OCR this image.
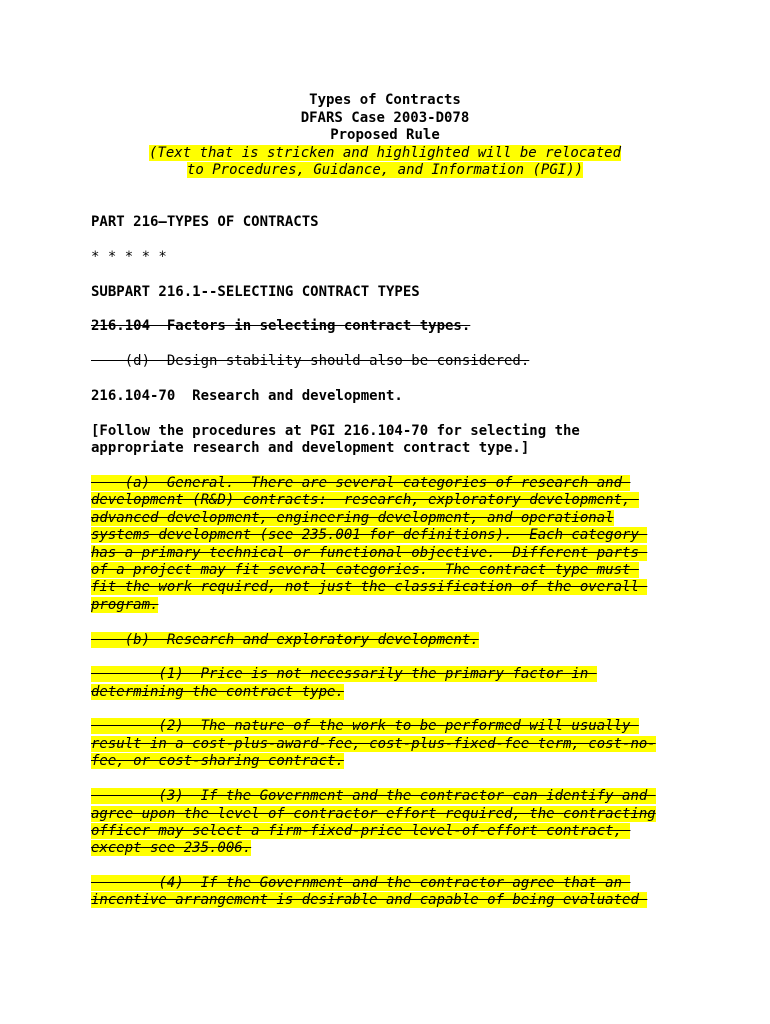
Types of Contracts
DFARS Case 2003-D078
Proposed Rule
(Text that is stricken and highlighted will be relocated
to Procedures, Guidance, and Information (PGI))
PART 216—TYPES OF CONTRACTS
* * * * *
SUBPART 216.1--SELECTING CONTRACT TYPES
216.104  Factors in selecting contract types.
(d)  Design stability should also be considered.
216.104-70  Research and development.
[Follow the procedures at PGI 216.104-70 for selecting the
appropriate research and development contract type.]
(a)  General.  There are several categories of research and
development (R&D) contracts:  research, exploratory development,
advanced development, engineering development, and operational
systems development (see 235.001 for definitions).  Each category
has a primary technical or functional objective.  Different parts
of a project may fit several categories.  The contract type must
fit the work required, not just the classification of the overall
program.
(b)  Research and exploratory development.
(1)  Price is not necessarily the primary factor in
determining the contract type.
(2)  The nature of the work to be performed will usually
result in a cost-plus-award-fee, cost-plus-fixed-fee term, cost-no-
fee, or cost-sharing contract.
(3)  If the Government and the contractor can identify and
agree upon the level of contractor effort required, the contracting
officer may select a firm-fixed-price level-of-effort contract,
except see 235.006.
(4)  If the Government and the contractor agree that an
incentive arrangement is desirable and capable of being evaluated
